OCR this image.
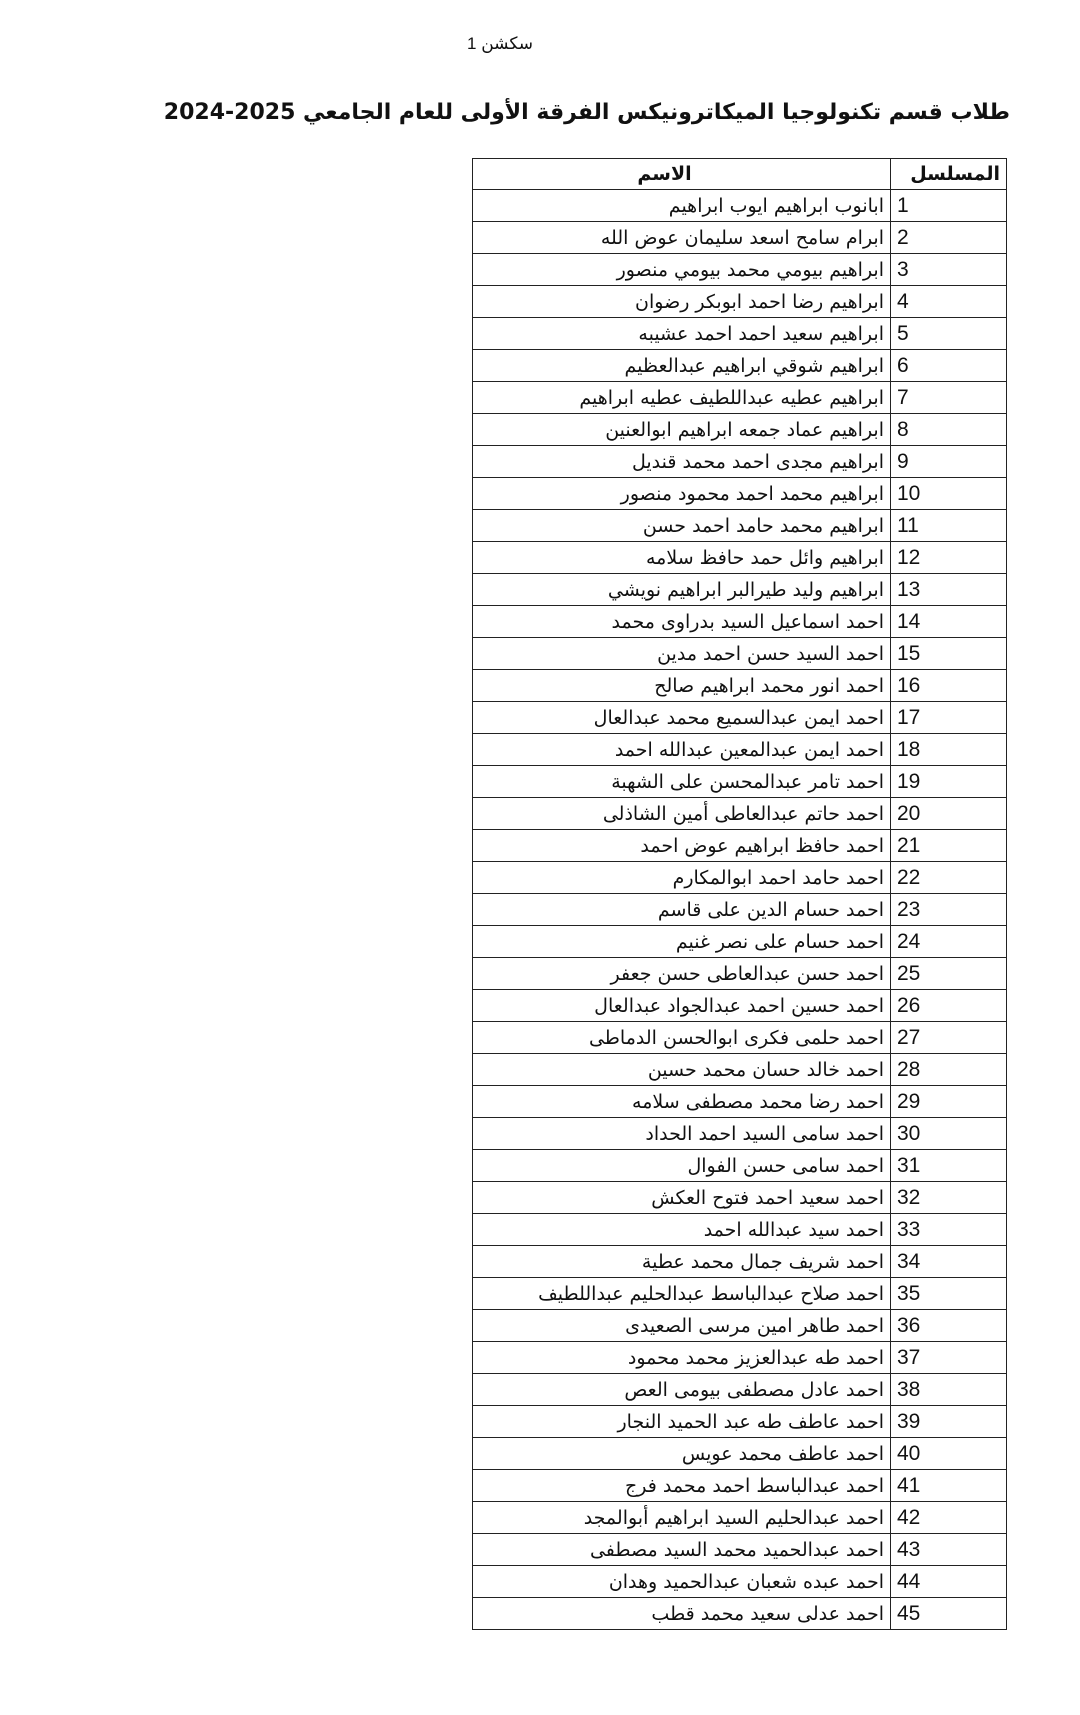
سكشن 1
طلاب قسم تكنولوجيا الميكاترونيكس الفرقة الأولى للعام الجامعي 2025-2024
المسلسل	الاسم
1	ابانوب ابراهيم ايوب ابراهيم
2	ابرام سامح اسعد سليمان عوض الله
3	ابراهيم بيومي محمد بيومي منصور
4	ابراهيم رضا احمد ابوبكر رضوان
5	ابراهيم سعيد احمد احمد عشيبه
6	ابراهيم شوقي ابراهيم عبدالعظيم
7	ابراهيم عطيه عبداللطيف عطيه ابراهيم
8	ابراهيم عماد جمعه ابراهيم ابوالعنين
9	ابراهيم مجدى احمد محمد قنديل
10	ابراهيم محمد احمد محمود منصور
11	ابراهيم محمد حامد احمد حسن
12	ابراهيم وائل حمد حافظ سلامه
13	ابراهيم وليد طيرالبر ابراهيم نويشي
14	احمد اسماعيل السيد بدراوى محمد
15	احمد السيد حسن احمد مدين
16	احمد انور محمد ابراهيم صالح
17	احمد ايمن عبدالسميع محمد عبدالعال
18	احمد ايمن عبدالمعين عبدالله احمد
19	احمد تامر عبدالمحسن على الشهبة
20	احمد حاتم عبدالعاطى أمين الشاذلى
21	احمد حافظ ابراهيم عوض احمد
22	احمد حامد احمد ابوالمكارم
23	احمد حسام الدين على قاسم
24	احمد حسام على نصر غنيم
25	احمد حسن عبدالعاطى حسن جعفر
26	احمد حسين احمد عبدالجواد عبدالعال
27	احمد حلمى فكرى ابوالحسن الدماطى
28	احمد خالد حسان محمد حسين
29	احمد رضا محمد مصطفى سلامه
30	احمد سامى السيد احمد الحداد
31	احمد سامى حسن الفوال
32	احمد سعيد احمد فتوح العكش
33	احمد سيد عبدالله احمد
34	احمد شريف جمال محمد عطية
35	احمد صلاح عبدالباسط عبدالحليم عبداللطيف
36	احمد طاهر امين مرسى الصعيدى
37	احمد طه عبدالعزيز محمد محمود
38	احمد عادل مصطفى بيومى العص
39	احمد عاطف طه عبد الحميد النجار
40	احمد عاطف محمد عويس
41	احمد عبدالباسط احمد محمد فرج
42	احمد عبدالحليم السيد ابراهيم أبوالمجد
43	احمد عبدالحميد محمد السيد مصطفى
44	احمد عبده شعبان عبدالحميد وهدان
45	احمد عدلى سعيد محمد قطب
